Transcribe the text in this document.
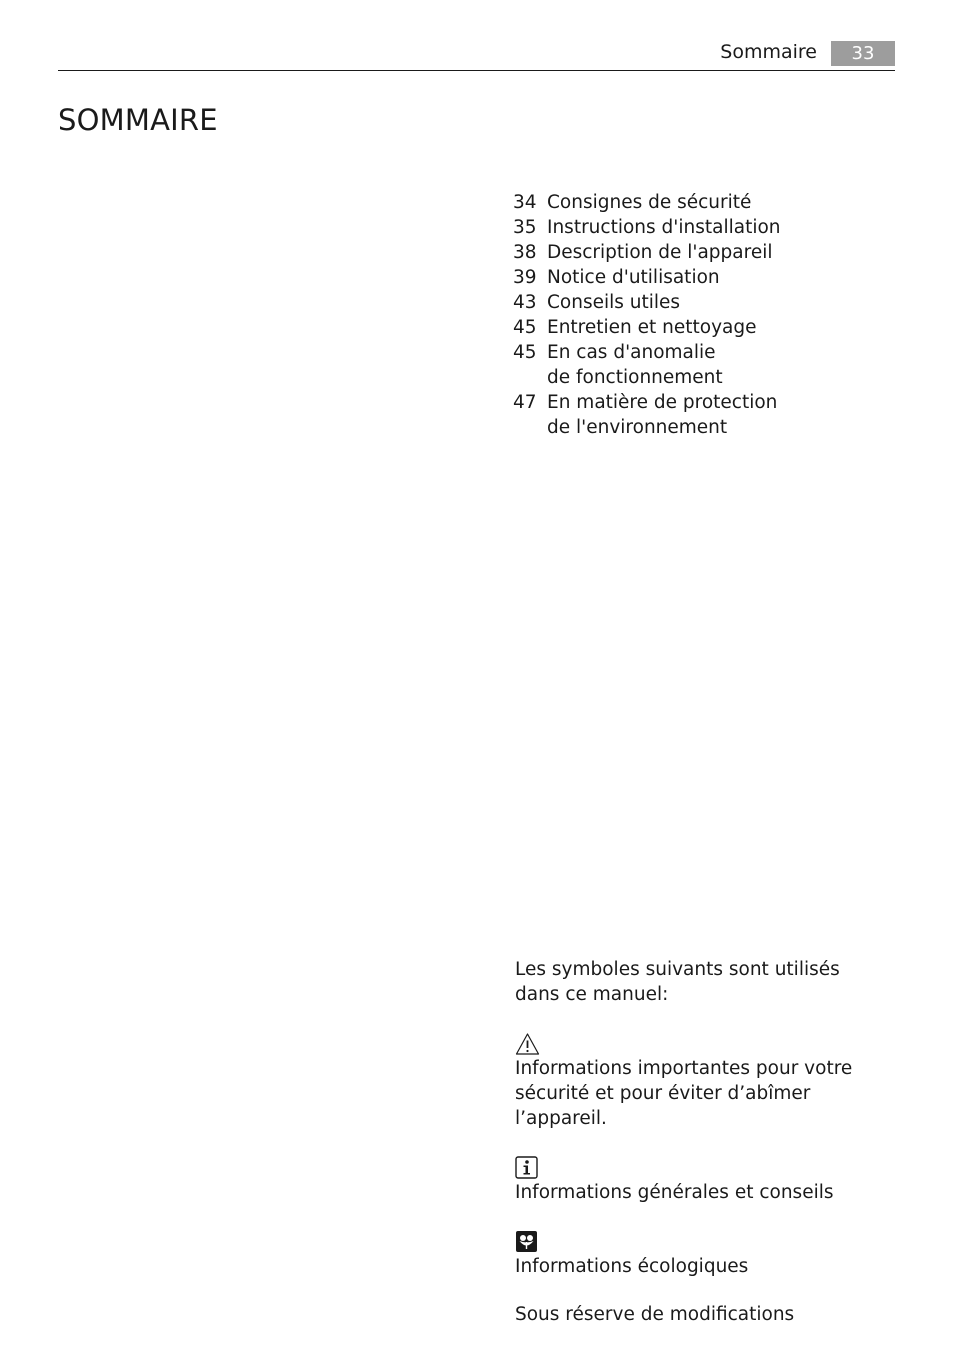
Sommaire	33
SOMMAIRE
34 Consignes de sécurité
35 Instructions d'installation
38 Description de l'appareil
39 Notice d'utilisation
43 Conseils utiles
45 Entretien et nettoyage
45 En cas d'anomalie de fonctionnement
47 En matière de protection de l'environnement

Les symboles suivants sont utilisés dans ce manuel:

Informations importantes pour votre sécurité et pour éviter d’abîmer l’appareil.

Informations générales et conseils

Informations écologiques

Sous réserve de modifications
